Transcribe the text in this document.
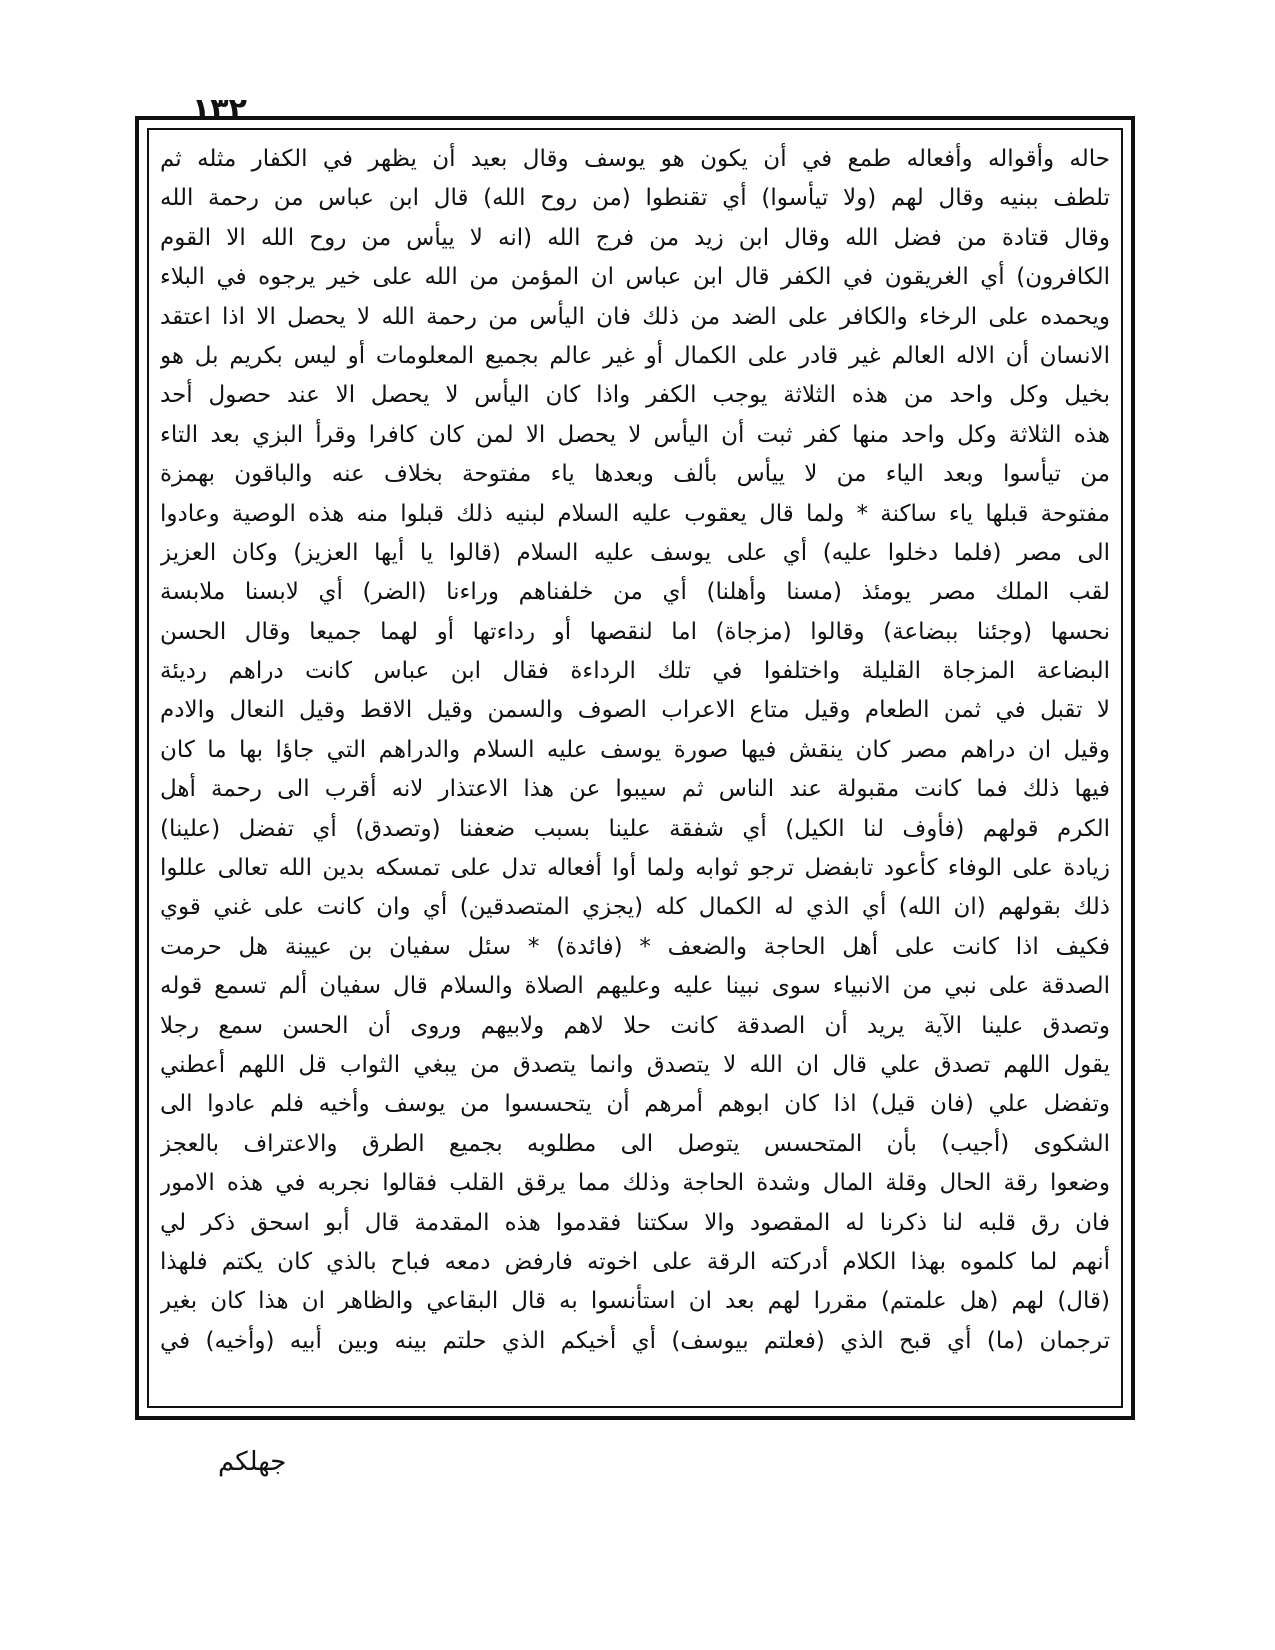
١٣٢
حاله وأقواله وأفعاله طمع في أن يكون هو يوسف وقال بعيد أن يظهر في الكفار مثله ثم
تلطف ببنيه وقال لهم (ولا تيأسوا) أي تقنطوا (من روح الله) قال ابن عباس من رحمة الله
وقال قتادة من فضل الله وقال ابن زيد من فرج الله (انه لا ييأس من روح الله الا القوم
الكافرون) أي الغريقون في الكفر قال ابن عباس ان المؤمن من الله على خير يرجوه في البلاء
ويحمده على الرخاء والكافر على الضد من ذلك فان اليأس من رحمة الله لا يحصل الا اذا اعتقد
الانسان أن الاله العالم غير قادر على الكمال أو غير عالم بجميع المعلومات أو ليس بكريم بل هو
بخيل وكل واحد من هذه الثلاثة يوجب الكفر واذا كان اليأس لا يحصل الا عند حصول أحد
هذه الثلاثة وكل واحد منها كفر ثبت أن اليأس لا يحصل الا لمن كان كافرا وقرأ البزي بعد التاء
من تيأسوا وبعد الياء من لا ييأس بألف وبعدها ياء مفتوحة بخلاف عنه والباقون بهمزة
مفتوحة قبلها ياء ساكنة * ولما قال يعقوب عليه السلام لبنيه ذلك قبلوا منه هذه الوصية وعادوا
الى مصر (فلما دخلوا عليه) أي على يوسف عليه السلام (قالوا يا أيها العزيز) وكان العزيز
لقب الملك مصر يومئذ (مسنا وأهلنا) أي من خلفناهم وراءنا (الضر) أي لابسنا ملابسة
نحسها (وجئنا ببضاعة) وقالوا (مزجاة) اما لنقصها أو رداءتها أو لهما جميعا وقال الحسن
البضاعة المزجاة القليلة واختلفوا في تلك الرداءة فقال ابن عباس كانت دراهم رديئة
لا تقبل في ثمن الطعام وقيل متاع الاعراب الصوف والسمن وقيل الاقط وقيل النعال والادم
وقيل ان دراهم مصر كان ينقش فيها صورة يوسف عليه السلام والدراهم التي جاؤا بها ما كان
فيها ذلك فما كانت مقبولة عند الناس ثم سيبوا عن هذا الاعتذار لانه أقرب الى رحمة أهل
الكرم قولهم (فأوف لنا الكيل) أي شفقة علينا بسبب ضعفنا (وتصدق) أي تفضل (علينا)
زيادة على الوفاء كأعود تابفضل ترجو ثوابه ولما أوا أفعاله تدل على تمسكه بدين الله تعالى عللوا
ذلك بقولهم (ان الله) أي الذي له الكمال كله (يجزي المتصدقين) أي وان كانت على غني قوي
فكيف اذا كانت على أهل الحاجة والضعف * (فائدة) * سئل سفيان بن عيينة هل حرمت
الصدقة على نبي من الانبياء سوى نبينا عليه وعليهم الصلاة والسلام قال سفيان ألم تسمع قوله
وتصدق علينا الآية يريد أن الصدقة كانت حلا لاهم ولابيهم وروى أن الحسن سمع رجلا
يقول اللهم تصدق علي قال ان الله لا يتصدق وانما يتصدق من يبغي الثواب قل اللهم أعطني
وتفضل علي (فان قيل) اذا كان ابوهم أمرهم أن يتحسسوا من يوسف وأخيه فلم عادوا الى
الشكوى (أجيب) بأن المتحسس يتوصل الى مطلوبه بجميع الطرق والاعتراف بالعجز
وضعوا رقة الحال وقلة المال وشدة الحاجة وذلك مما يرقق القلب فقالوا نجربه في هذه الامور
فان رق قلبه لنا ذكرنا له المقصود والا سكتنا فقدموا هذه المقدمة قال أبو اسحق ذكر لي
أنهم لما كلموه بهذا الكلام أدركته الرقة على اخوته فارفض دمعه فباح بالذي كان يكتم فلهذا
(قال) لهم (هل علمتم) مقررا لهم بعد ان استأنسوا به قال البقاعي والظاهر ان هذا كان بغير
ترجمان (ما) أي قبح الذي (فعلتم بيوسف) أي أخيكم الذي حلتم بينه وبين أبيه (وأخيه) في
جهلكم
